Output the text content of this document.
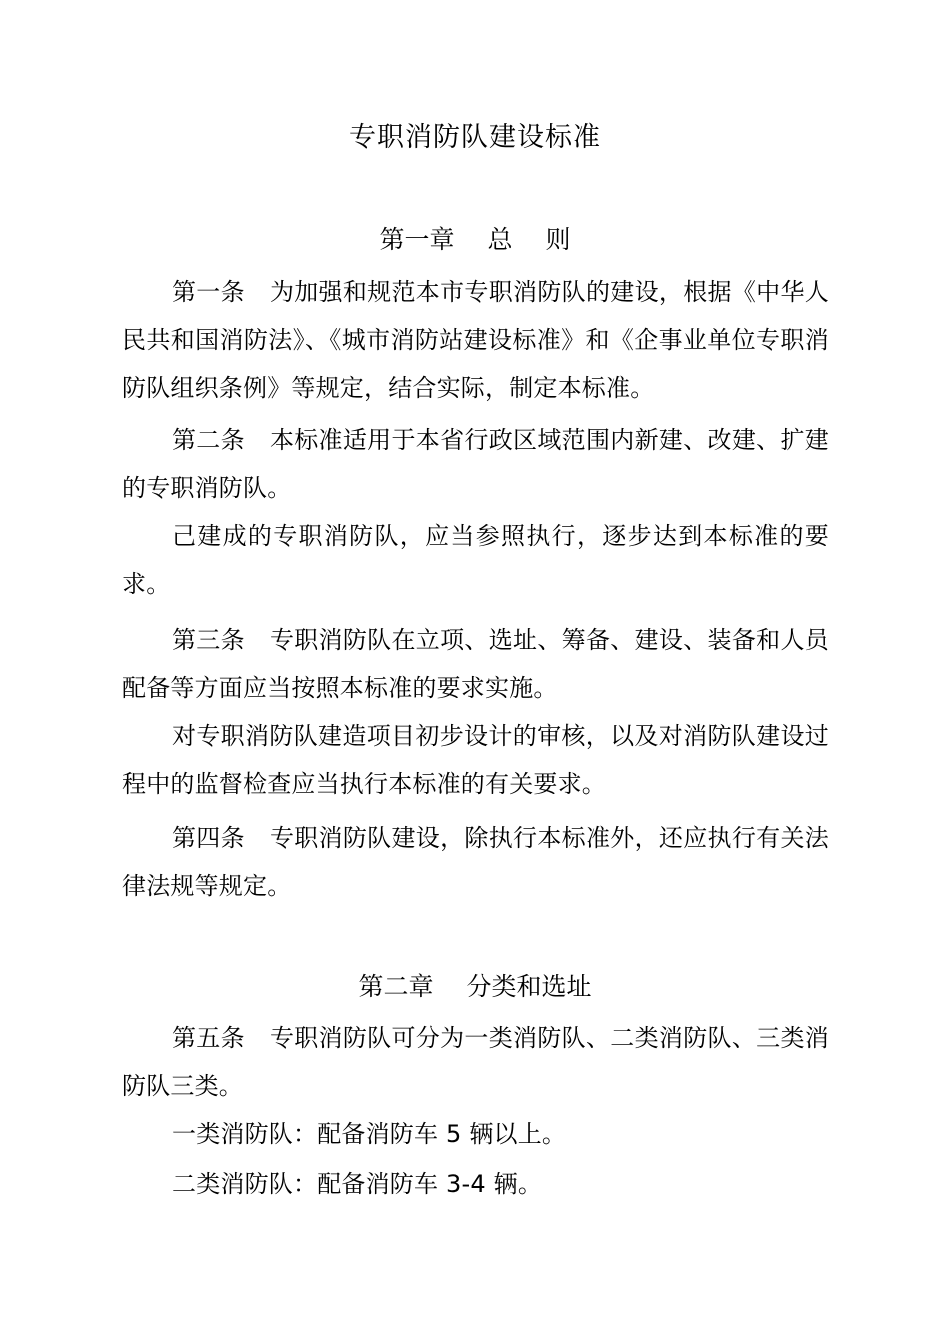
专职消防队建设标准
第一章　 总　 则
第一条 为加强和规范本市专职消防队的建设，根据《中华人民共和国消防法》、《城市消防站建设标准》和《企事业单位专职消防队组织条例》等规定，结合实际，制定本标准。
第二条 本标准适用于本省行政区域范围内新建、改建、扩建的专职消防队。
己建成的专职消防队，应当参照执行，逐步达到本标准的要求。
第三条 专职消防队在立项、选址、筹备、建设、装备和人员配备等方面应当按照本标准的要求实施。
对专职消防队建造项目初步设计的审核，以及对消防队建设过程中的监督检查应当执行本标准的有关要求。
第四条 专职消防队建设，除执行本标准外，还应执行有关法律法规等规定。
第二章　 分类和选址
第五条 专职消防队可分为一类消防队、二类消防队、三类消防队三类。
一类消防队：配备消防车 5 辆以上。
二类消防队：配备消防车 3-4 辆。
